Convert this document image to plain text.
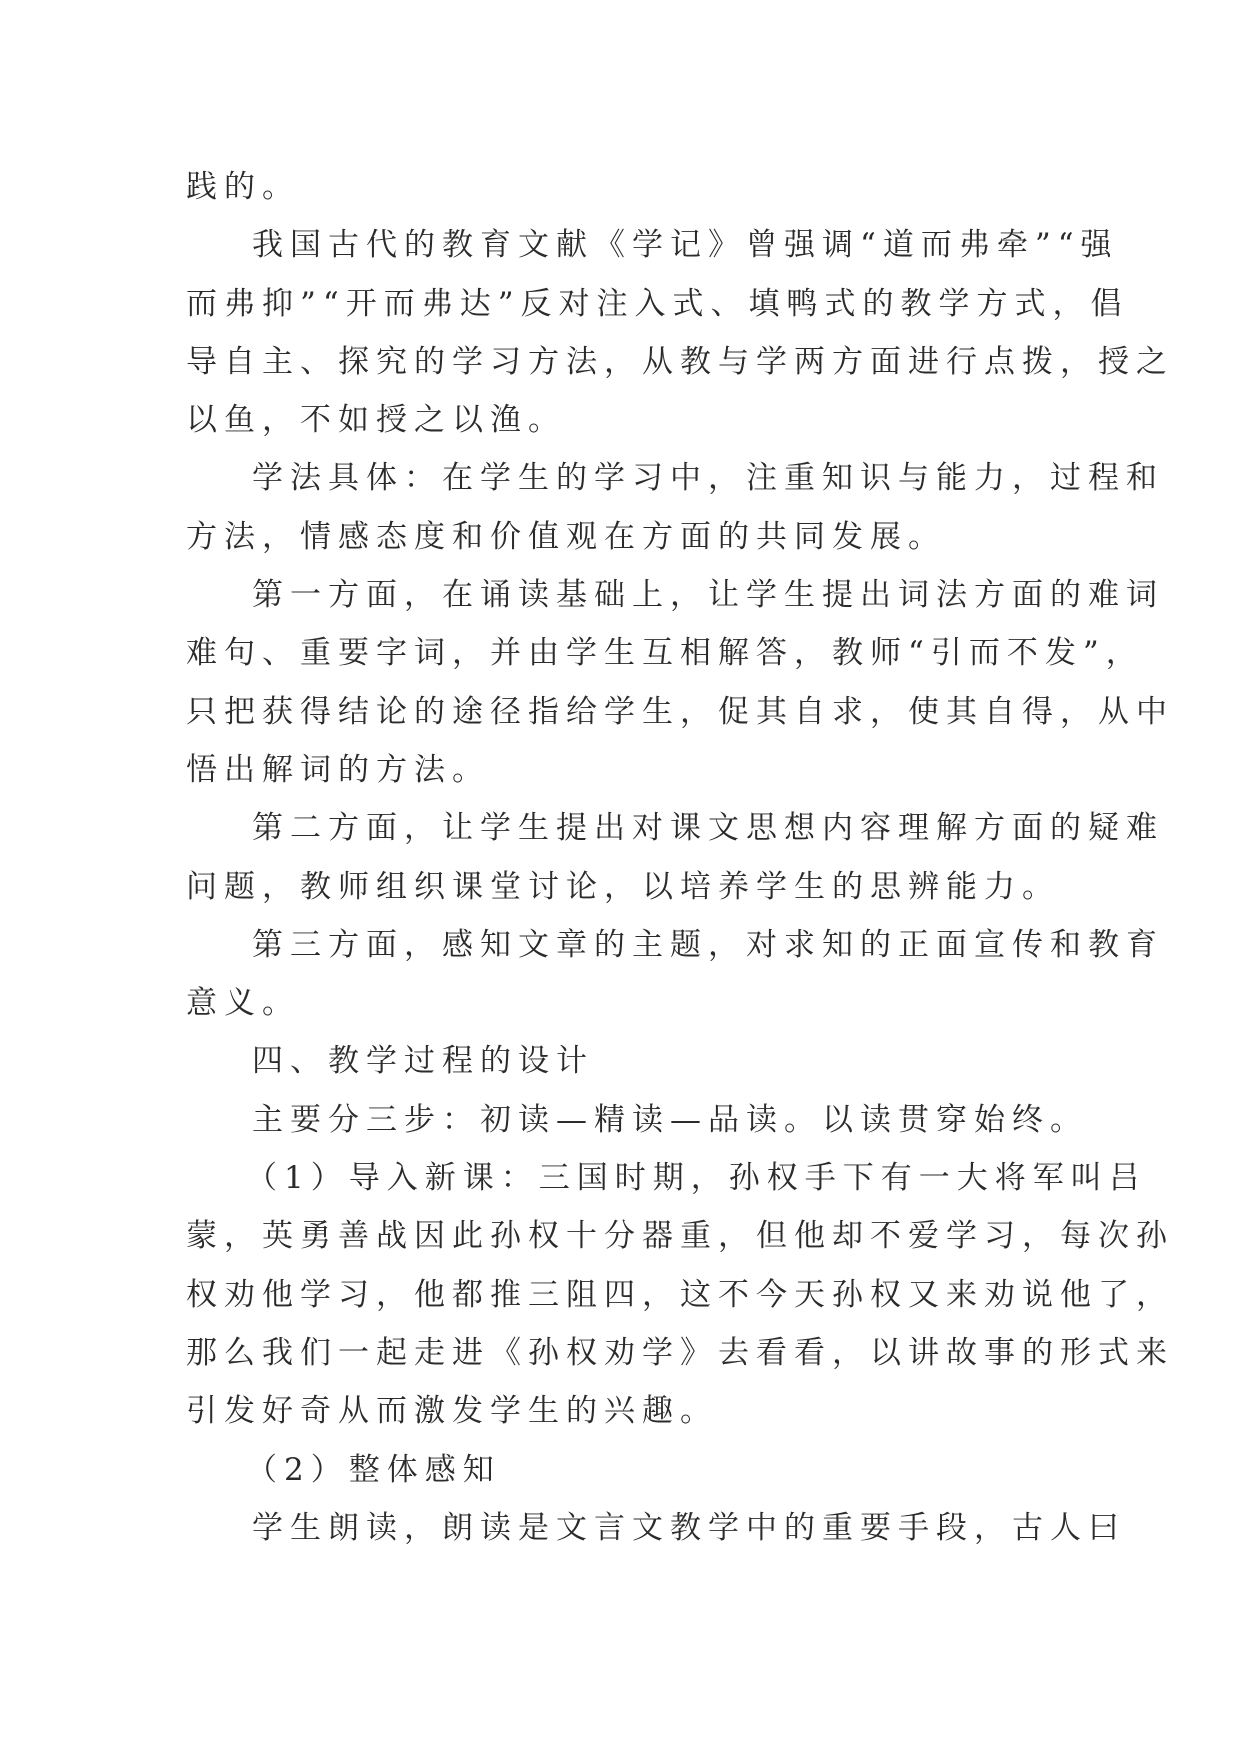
践的。
我国古代的教育文献《学记》曾强调“道而弗牵”“强
而弗抑”“开而弗达”反对注入式、填鸭式的教学方式，倡
导自主、探究的学习方法，从教与学两方面进行点拨，授之
以鱼，不如授之以渔。
学法具体：在学生的学习中，注重知识与能力，过程和
方法，情感态度和价值观在方面的共同发展。
第一方面，在诵读基础上，让学生提出词法方面的难词
难句、重要字词，并由学生互相解答，教师“引而不发”，
只把获得结论的途径指给学生，促其自求，使其自得，从中
悟出解词的方法。
第二方面，让学生提出对课文思想内容理解方面的疑难
问题，教师组织课堂讨论，以培养学生的思辨能力。
第三方面，感知文章的主题，对求知的正面宣传和教育
意义。
四、教学过程的设计
主要分三步：初读—精读—品读。以读贯穿始终。
（1）导入新课：三国时期，孙权手下有一大将军叫吕
蒙，英勇善战因此孙权十分器重，但他却不爱学习，每次孙
权劝他学习，他都推三阻四，这不今天孙权又来劝说他了，
那么我们一起走进《孙权劝学》去看看，以讲故事的形式来
引发好奇从而激发学生的兴趣。
（2）整体感知
学生朗读，朗读是文言文教学中的重要手段，古人曰
